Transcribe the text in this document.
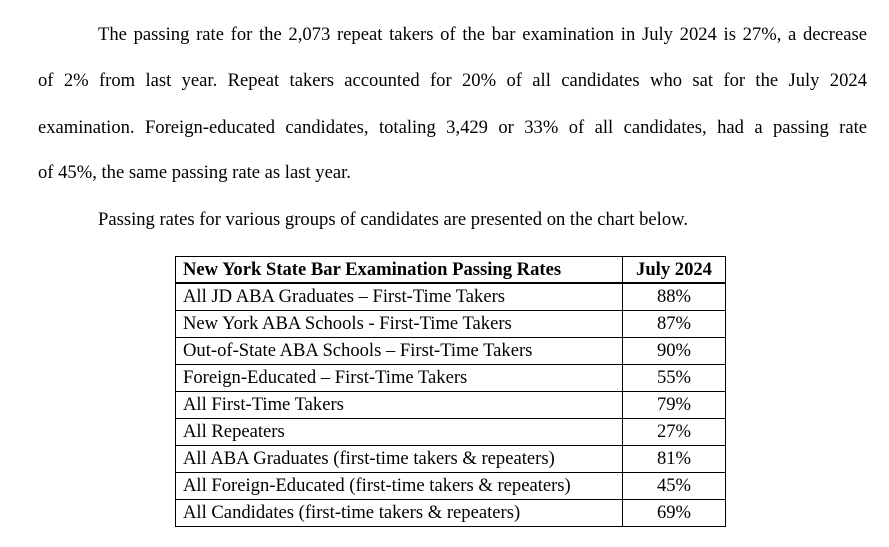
The passing rate for the 2,073 repeat takers of the bar examination in July 2024 is 27%, a decrease
of 2% from last year. Repeat takers accounted for 20% of all candidates who sat for the July 2024
examination. Foreign-educated candidates, totaling 3,429 or 33% of all candidates, had a passing rate
of 45%, the same passing rate as last year.
Passing rates for various groups of candidates are presented on the chart below.
New York State Bar Examination Passing Rates	July 2024
All JD ABA Graduates – First-Time Takers	88%
New York ABA Schools - First-Time Takers	87%
Out-of-State ABA Schools – First-Time Takers	90%
Foreign-Educated – First-Time Takers	55%
All First-Time Takers	79%
All Repeaters	27%
All ABA Graduates (first-time takers & repeaters)	81%
All Foreign-Educated (first-time takers & repeaters)	45%
All Candidates (first-time takers & repeaters)	69%
